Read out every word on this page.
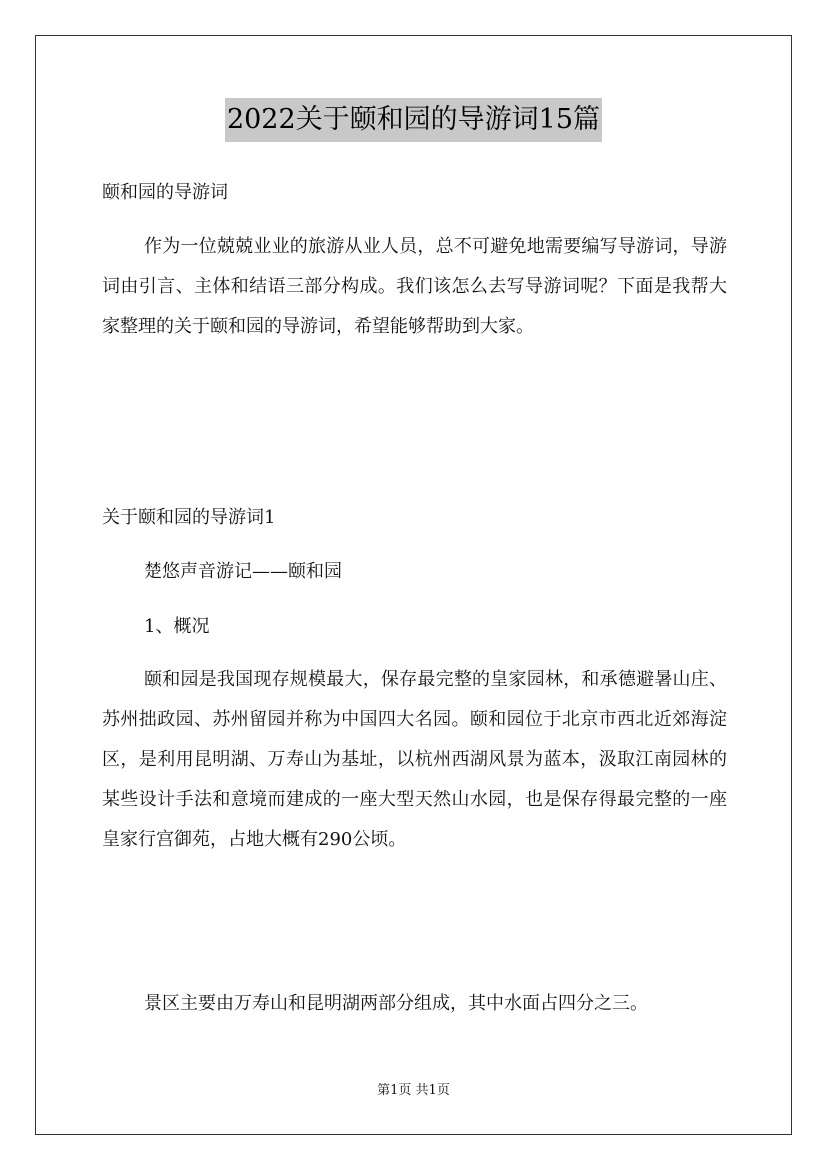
2022关于颐和园的导游词15篇
颐和园的导游词
作为一位兢兢业业的旅游从业人员，总不可避免地需要编写导游词，导游词由引言、主体和结语三部分构成。我们该怎么去写导游词呢？下面是我帮大家整理的关于颐和园的导游词，希望能够帮助到大家。
关于颐和园的导游词1
楚悠声音游记——颐和园
1、概况
颐和园是我国现存规模最大，保存最完整的皇家园林，和承德避暑山庄、苏州拙政园、苏州留园并称为中国四大名园。颐和园位于北京市西北近郊海淀区，是利用昆明湖、万寿山为基址，以杭州西湖风景为蓝本，汲取江南园林的某些设计手法和意境而建成的一座大型天然山水园，也是保存得最完整的一座皇家行宫御苑，占地大概有290公顷。
景区主要由万寿山和昆明湖两部分组成，其中水面占四分之三。
第1页 共1页
